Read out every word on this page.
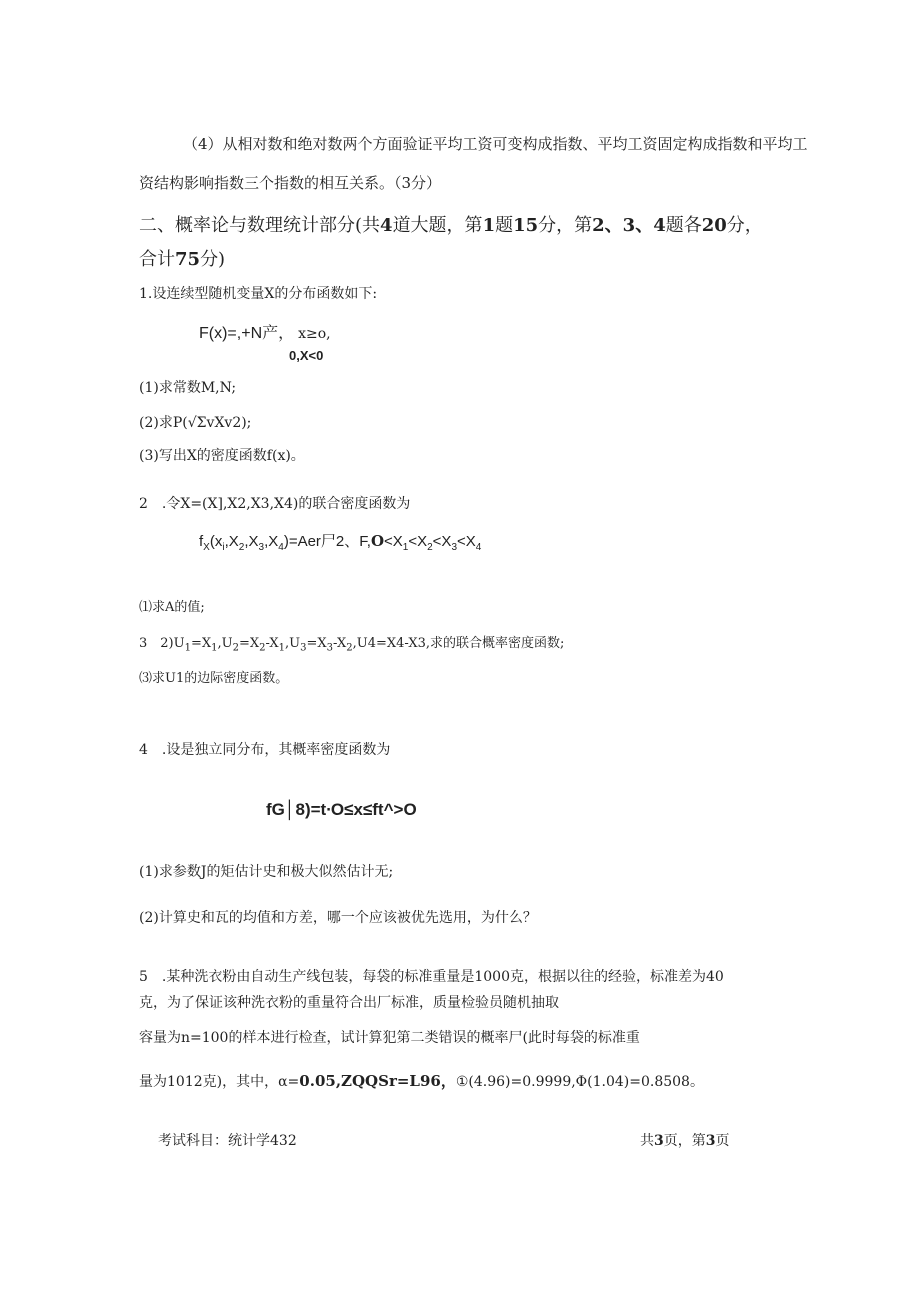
（4）从相对数和绝对数两个方面验证平均工资可变构成指数、平均工资固定构成指数和平均工
资结构影响指数三个指数的相互关系。（3分）
二、概率论与数理统计部分(共4道大题，第1题15分，第2、3、4题各20分，
合计75分)
1.设连续型随机变量X的分布函数如下:
F(x)=,+N产， x≥o,
0,X<0
(1)求常数M,N;
(2)求P(√ΣvXv2);
(3)写出X的密度函数f(x)。
2　.令X=(X],X2,X3,X4)的联合密度函数为
$f_X(x_i,X_2,X_3,X_4)=Aer$尸2、$F,O<X_1<X_2<X_3<X_4$
⑴求A的值;
3　$2)U_1=X_1,U_2=X_2-X_1,U_3=X_3-X_2,U4=X4-X3$,求的联合概率密度函数;
⑶求U1的边际密度函数。
4　.设是独立同分布，其概率密度函数为
fG│8)=t∙O≤x≤ft^>O
(1)求参数J的矩估计史和极大似然估计无;
(2)计算史和瓦的均值和方差，哪一个应该被优先选用，为什么？
5　.某种洗衣粉由自动生产线包装，每袋的标准重量是1000克，根据以往的经验，标准差为40
克，为了保证该种洗衣粉的重量符合出厂标准，质量检验员随机抽取
容量为n=100的样本进行检查，试计算犯第二类错误的概率尸(此时每袋的标准重
量为1012克)，其中，α=0.05,ZQQSr=L96，①(4.96)=0.9999,Φ(1.04)=0.8508。
考试科目：统计学432	共3页，第3页
